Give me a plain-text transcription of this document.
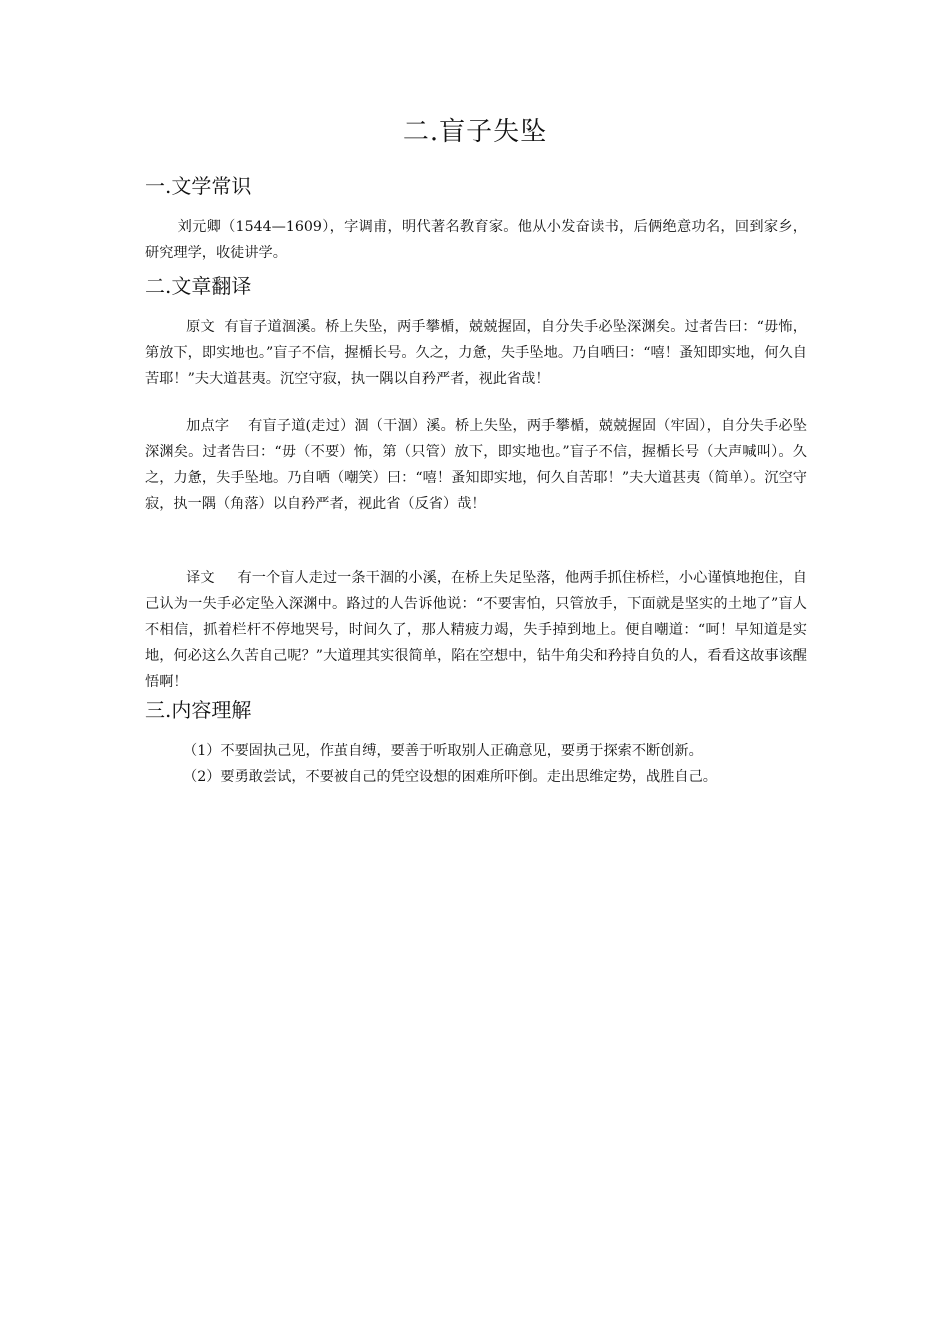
二.盲子失坠
一.文学常识

刘元卿（1544—1609），字调甫，明代著名教育家。他从小发奋读书，后俩绝意功名，回到家乡，研究理学，收徒讲学。

二.文章翻译

原文 有盲子道涸溪。桥上失坠，两手攀楯，兢兢握固，自分失手必坠深渊矣。过者告曰：“毋怖，第放下，即实地也。”盲子不信，握楯长号。久之，力惫，失手坠地。乃自哂曰：“嘻！蚤知即实地，何久自苦耶！”夫大道甚夷。沉空守寂，执一隅以自矜严者，视此省哉！

加点字 有盲子道(走过）涸（干涸）溪。桥上失坠，两手攀楯，兢兢握固（牢固），自分失手必坠深渊矣。过者告曰：“毋（不要）怖，第（只管）放下，即实地也。”盲子不信，握楯长号（大声喊叫）。久之，力惫，失手坠地。乃自哂（嘲笑）曰：“嘻！蚤知即实地，何久自苦耶！”夫大道甚夷（简单）。沉空守寂，执一隅（角落）以自矜严者，视此省（反省）哉！

译文 有一个盲人走过一条干涸的小溪，在桥上失足坠落，他两手抓住桥栏，小心谨慎地抱住，自己认为一失手必定坠入深渊中。路过的人告诉他说：“不要害怕，只管放手，下面就是坚实的土地了”盲人不相信，抓着栏杆不停地哭号，时间久了，那人精疲力竭，失手掉到地上。便自嘲道：“呵！早知道是实地，何必这么久苦自己呢？”大道理其实很简单，陷在空想中，钻牛角尖和矜持自负的人，看看这故事该醒悟啊！

三.内容理解

（1）不要固执己见，作茧自缚，要善于听取别人正确意见，要勇于探索不断创新。

（2）要勇敢尝试，不要被自己的凭空设想的困难所吓倒。走出思维定势，战胜自己。
